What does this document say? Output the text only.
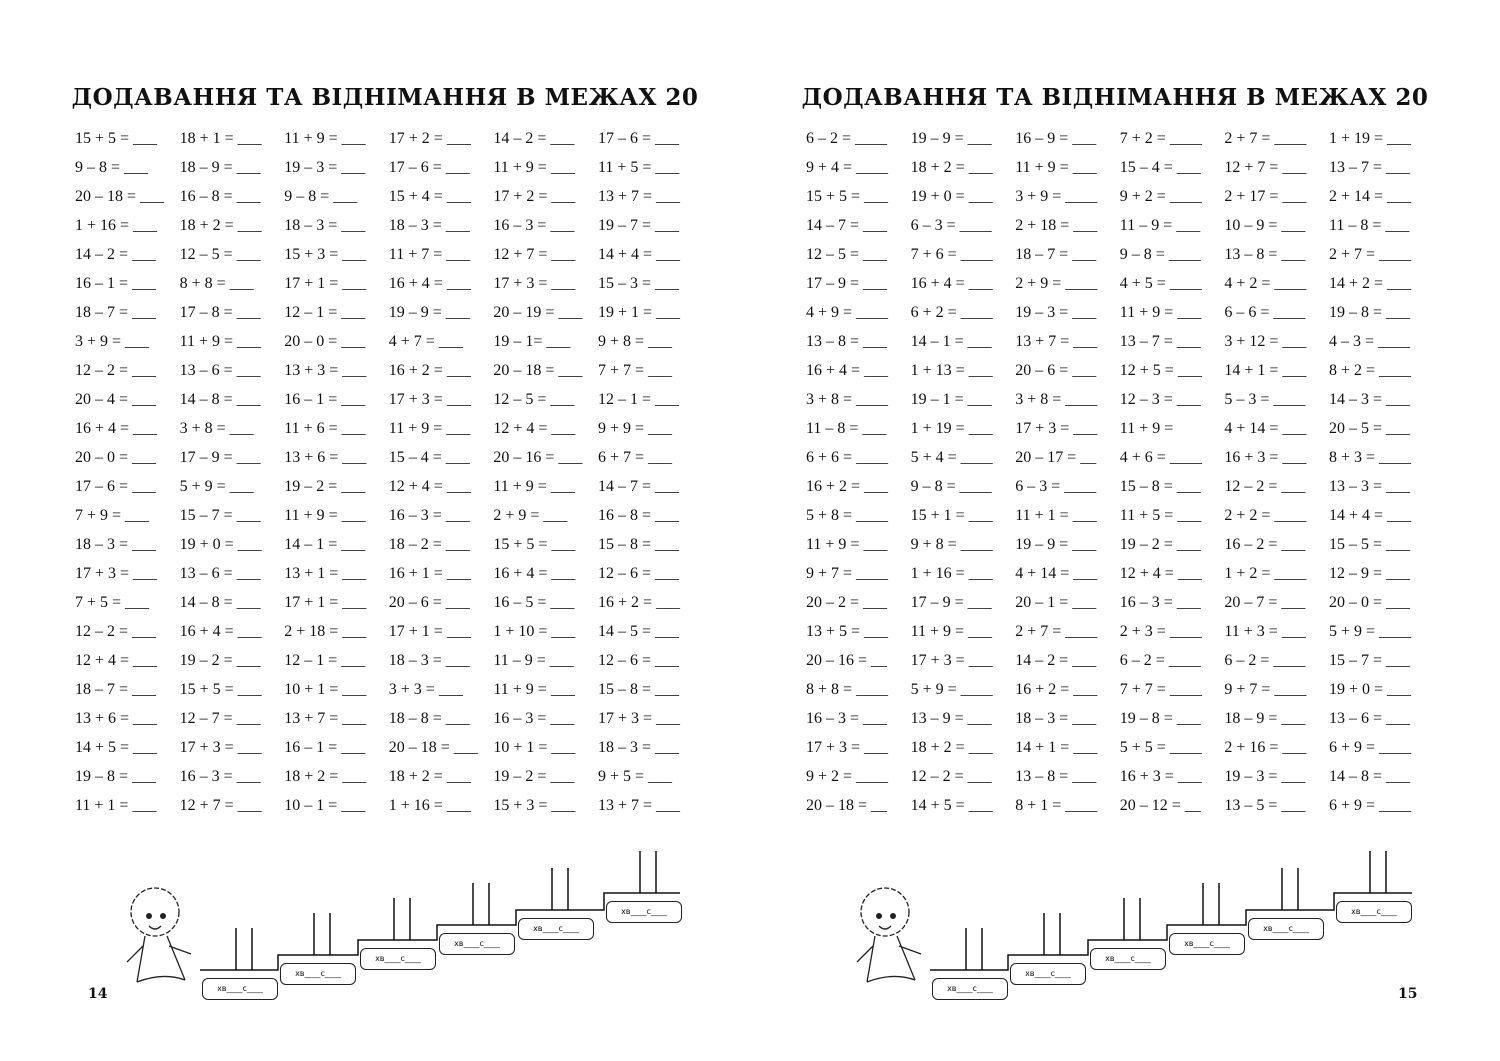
ДОДАВАННЯ ТА ВІДНІМАННЯ В МЕЖАХ 20
15 + 5 = ___	18 + 1 = ___	11 + 9 = ___	17 + 2 = ___	14 – 2 = ___	17 – 6 = ___
9 – 8 = ___	18 – 9 = ___	19 – 3 = ___	17 – 6 = ___	11 + 9 = ___	11 + 5 = ___
20 – 18 = ___ 16 – 8 = ___	9 – 8 = ___	15 + 4 = ___	17 + 2 = ___	13 + 7 = ___
1 + 16 = ___	18 + 2 = ___	18 – 3 = ___	18 – 3 = ___	16 – 3 = ___	19 – 7 = ___
14 – 2 = ___	12 – 5 = ___	15 + 3 = ___	11 + 7 = ___	12 + 7 = ___	14 + 4 = ___
16 – 1 = ___	8 + 8 = ___	17 + 1 = ___	16 + 4 = ___	17 + 3 = ___	15 – 3 = ___
18 – 7 = ___	17 – 8 = ___	12 – 1 = ___	19 – 9 = ___	20 – 19 = ___ 19 + 1 = ___
3 + 9 = ___	11 + 9 = ___	20 – 0 = ___	4 + 7 = ___	19 – 1= ___	9 + 8 = ___
12 – 2 = ___	13 – 6 = ___	13 + 3 = ___	16 + 2 = ___	20 – 18 = ___ 7 + 7 = ___
20 – 4 = ___	14 – 8 = ___	16 – 1 = ___	17 + 3 = ___	12 – 5 = ___	12 – 1 = ___
16 + 4 = ___	3 + 8 = ___	11 + 6 = ___	11 + 9 = ___	12 + 4 = ___	9 + 9 = ___
20 – 0 = ___	17 – 9 = ___	13 + 6 = ___	15 – 4 = ___	20 – 16 = ___ 6 + 7 = ___
17 – 6 = ___	5 + 9 = ___	19 – 2 = ___	12 + 4 = ___	11 + 9 = ___	14 – 7 = ___
7 + 9 = ___	15 – 7 = ___	11 + 9 = ___	16 – 3 = ___	2 + 9 = ___	16 – 8 = ___
18 – 3 = ___	19 + 0 = ___	14 – 1 = ___	18 – 2 = ___	15 + 5 = ___	15 – 8 = ___
17 + 3 = ___	13 – 6 = ___	13 + 1 = ___	16 + 1 = ___	16 + 4 = ___	12 – 6 = ___
7 + 5 = ___	14 – 8 = ___	17 + 1 = ___	20 – 6 = ___	16 – 5 = ___	16 + 2 = ___
12 – 2 = ___	16 + 4 = ___	2 + 18 = ___	17 + 1 = ___	1 + 10 = ___	14 – 5 = ___
12 + 4 = ___	19 – 2 = ___	12 – 1 = ___	18 – 3 = ___	11 – 9 = ___	12 – 6 = ___
18 – 7 = ___	15 + 5 = ___	10 + 1 = ___	3 + 3 = ___	11 + 9 = ___	15 – 8 = ___
13 + 6 = ___	12 – 7 = ___	13 + 7 = ___	18 – 8 = ___	16 – 3 = ___	17 + 3 = ___
14 + 5 = ___	17 + 3 = ___	16 – 1 = ___	20 – 18 = ___ 10 + 1 = ___	18 – 3 = ___
19 – 8 = ___	16 – 3 = ___	18 + 2 = ___	18 + 2 = ___	19 – 2 = ___	9 + 5 = ___
11 + 1 = ___	12 + 7 = ___	10 – 1 = ___	1 + 16 = ___	15 + 3 = ___	13 + 7 = ___
хв____с____
хв____с____
хв____с____
хв____с____
хв____с____
хв____с____
14
ДОДАВАННЯ ТА ВІДНІМАННЯ В МЕЖАХ 20
6 – 2 = ____	19 – 9 = ___	16 – 9 = ___	7 + 2 = ____	2 + 7 = ____	1 + 19 = ___
9 + 4 = ____	18 + 2 = ___	11 + 9 = ___	15 – 4 = ___	12 + 7 = ___	13 – 7 = ___
15 + 5 = ___	19 + 0 = ___	3 + 9 = ____	9 + 2 = ____	2 + 17 = ___	2 + 14 = ___
14 – 7 = ___	6 – 3 = ____	2 + 18 = ___	11 – 9 = ___	10 – 9 = ___	11 – 8 = ___
12 – 5 = ___	7 + 6 = ____	18 – 7 = ___	9 – 8 = ____	13 – 8 = ___	2 + 7 = ____
17 – 9 = ___	16 + 4 = ___	2 + 9 = ____	4 + 5 = ____	4 + 2 = ____	14 + 2 = ___
4 + 9 = ____	6 + 2 = ____	19 – 3 = ___	11 + 9 = ___	6 – 6 = ____	19 – 8 = ___
13 – 8 = ___	14 – 1 = ___	13 + 7 = ___	13 – 7 = ___	3 + 12 = ___	4 – 3 = ____
16 + 4 = ___	1 + 13 = ___	20 – 6 = ___	12 + 5 = ___	14 + 1 = ___	8 + 2 = ____
3 + 8 = ____	19 – 1 = ___	3 + 8 = ____	12 – 3 = ___	5 – 3 = ____	14 – 3 = ___
11 – 8 = ___	1 + 19 = ___	17 + 3 = ___	11 + 9 =	4 + 14 = ___	20 – 5 = ___
6 + 6 = ____	5 + 4 = ____	20 – 17 = __	4 + 6 = ____	16 + 3 = ___	8 + 3 = ____
16 + 2 = ___	9 – 8 = ____	6 – 3 = ____	15 – 8 = ___	12 – 2 = ___	13 – 3 = ___
5 + 8 = ____	15 + 1 = ___	11 + 1 = ___	11 + 5 = ___	2 + 2 = ____	14 + 4 = ___
11 + 9 = ___	9 + 8 = ____	19 – 9 = ___	19 – 2 = ___	16 – 2 = ___	15 – 5 = ___
9 + 7 = ____	1 + 16 = ___	4 + 14 = ___	12 + 4 = ___	1 + 2 = ____	12 – 9 = ___
20 – 2 = ___	17 – 9 = ___	20 – 1 = ___	16 – 3 = ___	20 – 7 = ___	20 – 0 = ___
13 + 5 = ___	11 + 9 = ___	2 + 7 = ____	2 + 3 = ____	11 + 3 = ___	5 + 9 = ____
20 – 16 = __	17 + 3 = ___	14 – 2 = ___	6 – 2 = ____	6 – 2 = ____	15 – 7 = ___
8 + 8 = ____	5 + 9 = ____	16 + 2 = ___	7 + 7 = ____	9 + 7 = ____	19 + 0 = ___
16 – 3 = ___	13 – 9 = ___	18 – 3 = ___	19 – 8 = ___	18 – 9 = ___	13 – 6 = ___
17 + 3 = ___	18 + 2 = ___	14 + 1 = ___	5 + 5 = ____	2 + 16 = ___	6 + 9 = ____
9 + 2 = ____	12 – 2 = ___	13 – 8 = ___	16 + 3 = ___	19 – 3 = ___	14 – 8 = ___
20 – 18 = __	14 + 5 = ___	8 + 1 = ____	20 – 12 = __	13 – 5 = ___	6 + 9 = ____
хв____с____
хв____с____
хв____с____
хв____с____
хв____с____
хв____с____
15
